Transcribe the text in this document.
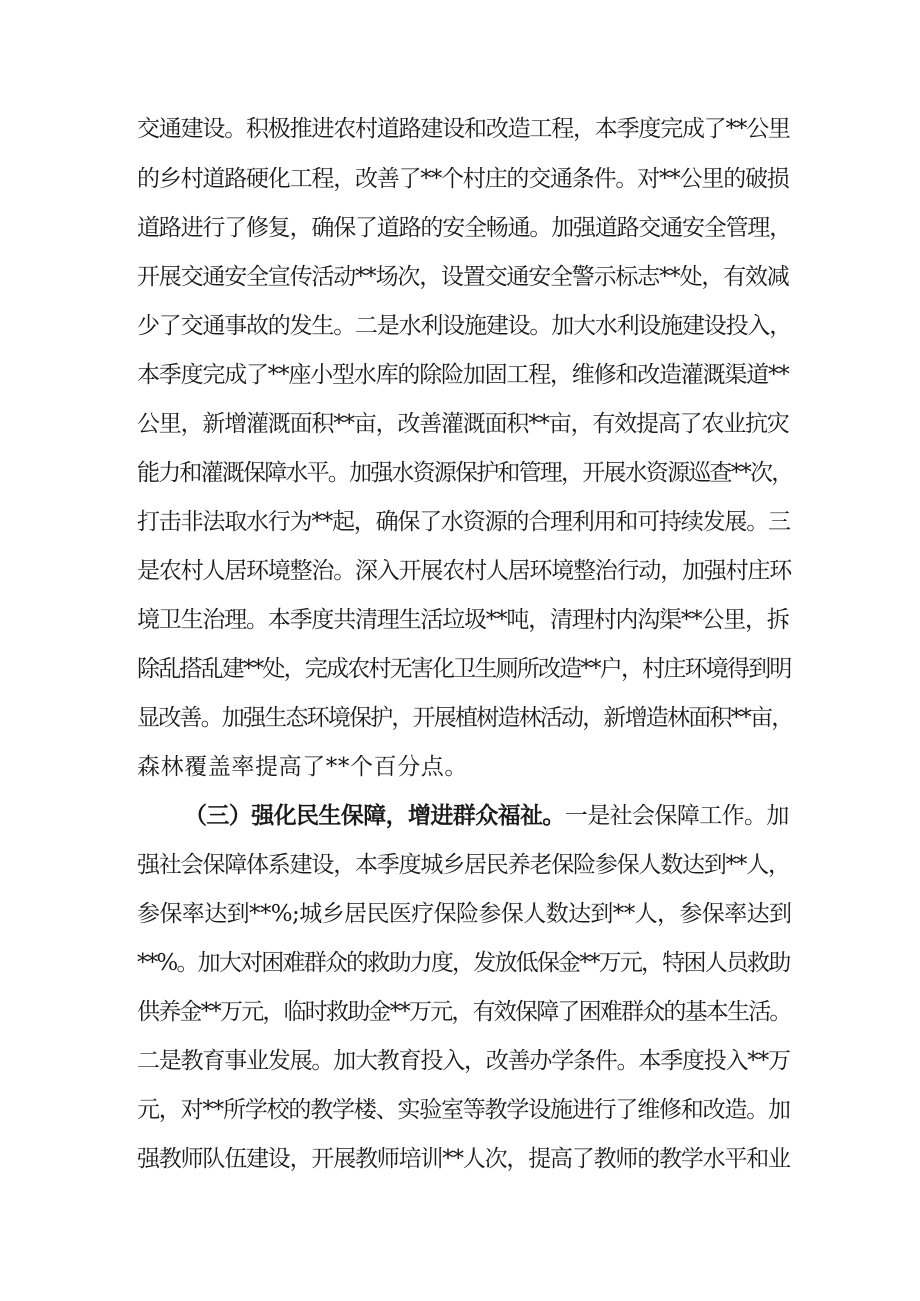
交通建设。积极推进农村道路建设和改造工程，本季度完成了**公里
的乡村道路硬化工程，改善了**个村庄的交通条件。对**公里的破损
道路进行了修复，确保了道路的安全畅通。加强道路交通安全管理，
开展交通安全宣传活动**场次，设置交通安全警示标志**处，有效减
少了交通事故的发生。二是水利设施建设。加大水利设施建设投入，
本季度完成了**座小型水库的除险加固工程，维修和改造灌溉渠道**
公里，新增灌溉面积**亩，改善灌溉面积**亩，有效提高了农业抗灾
能力和灌溉保障水平。加强水资源保护和管理，开展水资源巡查**次，
打击非法取水行为**起，确保了水资源的合理利用和可持续发展。三
是农村人居环境整治。深入开展农村人居环境整治行动，加强村庄环
境卫生治理。本季度共清理生活垃圾**吨，清理村内沟渠**公里，拆
除乱搭乱建**处，完成农村无害化卫生厕所改造**户，村庄环境得到明
显改善。加强生态环境保护，开展植树造林活动，新增造林面积**亩，
森林覆盖率提高了**个百分点。
（三）强化民生保障，增进群众福祉。一是社会保障工作。加
强社会保障体系建设，本季度城乡居民养老保险参保人数达到**人，
参保率达到**%;城乡居民医疗保险参保人数达到**人，参保率达到
**%。加大对困难群众的救助力度，发放低保金**万元，特困人员救助
供养金**万元，临时救助金**万元，有效保障了困难群众的基本生活。
二是教育事业发展。加大教育投入，改善办学条件。本季度投入**万
元，对**所学校的教学楼、实验室等教学设施进行了维修和改造。加
强教师队伍建设，开展教师培训**人次，提高了教师的教学水平和业
